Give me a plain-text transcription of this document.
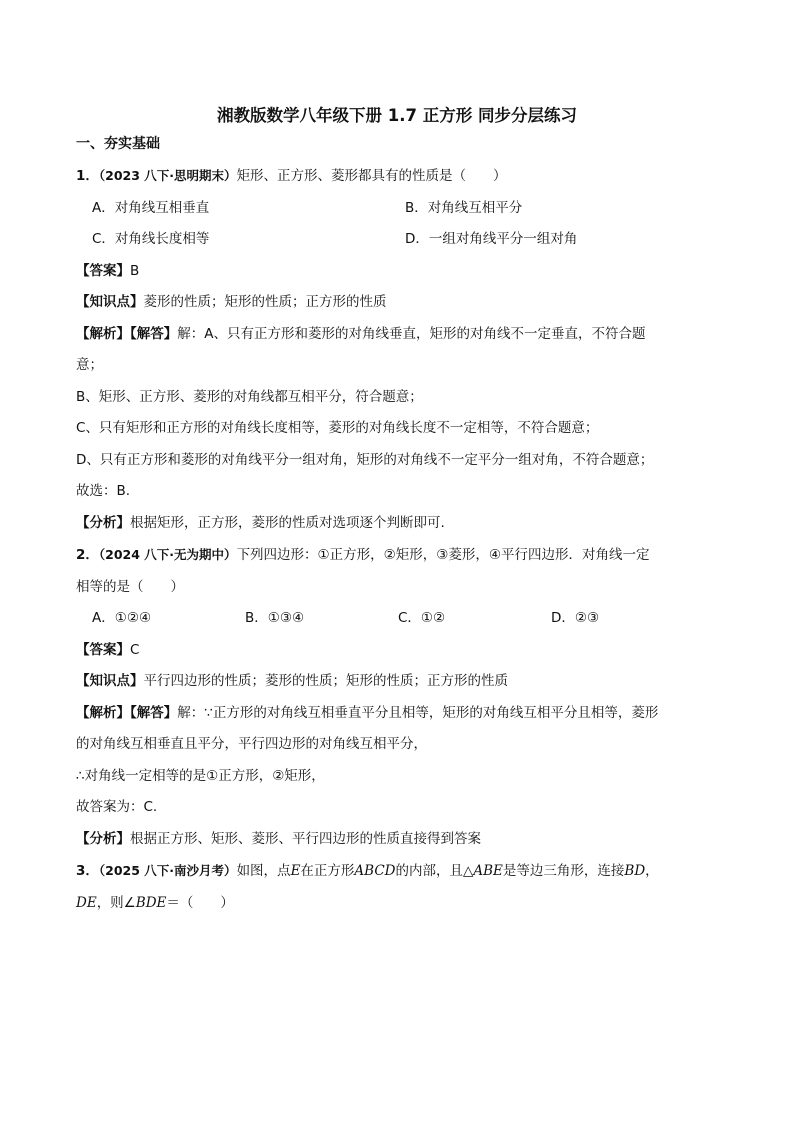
湘教版数学八年级下册 1.7 正方形 同步分层练习
一、夯实基础
1．（2023 八下·思明期末）矩形、正方形、菱形都具有的性质是（　　）
A．对角线互相垂直	B．对角线互相平分
C．对角线长度相等	D．一组对角线平分一组对角
【答案】B
【知识点】菱形的性质；矩形的性质；正方形的性质
【解析】【解答】解：A、只有正方形和菱形的对角线垂直，矩形的对角线不一定垂直，不符合题
意；
B、矩形、正方形、菱形的对角线都互相平分，符合题意；
C、只有矩形和正方形的对角线长度相等，菱形的对角线长度不一定相等，不符合题意；
D、只有正方形和菱形的对角线平分一组对角，矩形的对角线不一定平分一组对角，不符合题意；
故选：B.
【分析】根据矩形，正方形，菱形的性质对选项逐个判断即可.
2．（2024 八下·无为期中）下列四边形：①正方形，②矩形，③菱形，④平行四边形．对角线一定
相等的是（　　）
A．①②④	B．①③④	C．①②	D．②③
【答案】C
【知识点】平行四边形的性质；菱形的性质；矩形的性质；正方形的性质
【解析】【解答】解：∵正方形的对角线互相垂直平分且相等，矩形的对角线互相平分且相等，菱形
的对角线互相垂直且平分，平行四边形的对角线互相平分，
∴对角线一定相等的是①正方形，②矩形，
故答案为：C.
【分析】根据正方形、矩形、菱形、平行四边形的性质直接得到答案
3．（2025 八下·南沙月考）如图，点E在正方形ABCD的内部，且△ABE是等边三角形，连接BD，
DE，则∠BDE＝（　　）
